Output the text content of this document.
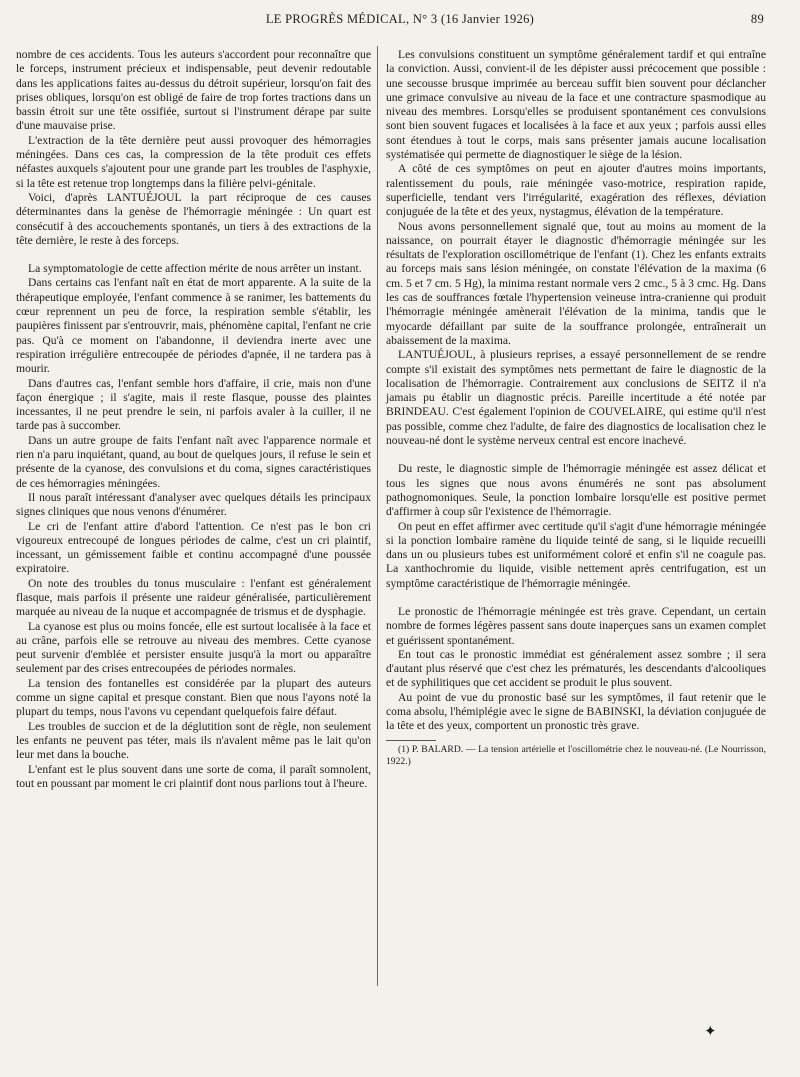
LE PROGRÈS MÉDICAL, N° 3 (16 Janvier 1926)	89

nombre de ces accidents. Tous les auteurs s'accordent pour reconnaître que le forceps, instrument précieux et indispensable, peut devenir redoutable dans les applications faites au-dessus du détroit supérieur, lorsqu'on fait des prises obliques, lorsqu'on est obligé de faire de trop fortes tractions dans un bassin étroit sur une tête ossifiée, surtout si l'instrument dérape par suite d'une mauvaise prise.

L'extraction de la tête dernière peut aussi provoquer des hémorragies méningées. Dans ces cas, la compression de la tête produit ces effets néfastes auxquels s'ajoutent pour une grande part les troubles de l'asphyxie, si la tête est retenue trop longtemps dans la filière pelvi-génitale.

Voici, d'après LANTUÉJOUL la part réciproque de ces causes déterminantes dans la genèse de l'hémorragie méningée : Un quart est consécutif à des accouchements spontanés, un tiers à des extractions de la tête dernière, le reste à des forceps.

La symptomatologie de cette affection mérite de nous arrêter un instant.

Dans certains cas l'enfant naît en état de mort apparente. A la suite de la thérapeutique employée, l'enfant commence à se ranimer, les battements du cœur reprennent un peu de force, la respiration semble s'établir, les paupières finissent par s'entrouvrir, mais, phénomène capital, l'enfant ne crie pas. Qu'à ce moment on l'abandonne, il deviendra inerte avec une respiration irrégulière entrecoupée de périodes d'apnée, il ne tardera pas à mourir.

Dans d'autres cas, l'enfant semble hors d'affaire, il crie, mais non d'une façon énergique ; il s'agite, mais il reste flasque, pousse des plaintes incessantes, il ne peut prendre le sein, ni parfois avaler à la cuiller, il ne tarde pas à succomber.

Dans un autre groupe de faits l'enfant naît avec l'apparence normale et rien n'a paru inquiétant, quand, au bout de quelques jours, il refuse le sein et présente de la cyanose, des convulsions et du coma, signes caractéristiques de ces hémorragies méningées.

Il nous paraît intéressant d'analyser avec quelques détails les principaux signes cliniques que nous venons d'énumérer.

Le cri de l'enfant attire d'abord l'attention. Ce n'est pas le bon cri vigoureux entrecoupé de longues périodes de calme, c'est un cri plaintif, incessant, un gémissement faible et continu accompagné d'une poussée expiratoire.

On note des troubles du tonus musculaire : l'enfant est généralement flasque, mais parfois il présente une raideur généralisée, particulièrement marquée au niveau de la nuque et accompagnée de trismus et de dysphagie.

La cyanose est plus ou moins foncée, elle est surtout localisée à la face et au crâne, parfois elle se retrouve au niveau des membres. Cette cyanose peut survenir d'emblée et persister ensuite jusqu'à la mort ou apparaître seulement par des crises entrecoupées de périodes normales.

La tension des fontanelles est considérée par la plupart des auteurs comme un signe capital et presque constant. Bien que nous l'ayons noté la plupart du temps, nous l'avons vu cependant quelquefois faire défaut.

Les troubles de succion et de la déglutition sont de règle, non seulement les enfants ne peuvent pas téter, mais ils n'avalent même pas le lait qu'on leur met dans la bouche.

L'enfant est le plus souvent dans une sorte de coma, il paraît somnolent, tout en poussant par moment le cri plaintif dont nous parlions tout à l'heure.

Les convulsions constituent un symptôme généralement tardif et qui entraîne la conviction. Aussi, convient-il de les dépister aussi précocement que possible : une secousse brusque imprimée au berceau suffit bien souvent pour déclancher une grimace convulsive au niveau de la face et une contracture spasmodique au niveau des membres. Lorsqu'elles se produisent spontanément ces convulsions sont bien souvent fugaces et localisées à la face et aux yeux ; parfois aussi elles sont étendues à tout le corps, mais sans présenter jamais aucune localisation systématisée qui permette de diagnostiquer le siège de la lésion.

A côté de ces symptômes on peut en ajouter d'autres moins importants, ralentissement du pouls, raie méningée vaso-motrice, respiration rapide, superficielle, tendant vers l'irrégularité, exagération des réflexes, déviation conjuguée de la tête et des yeux, nystagmus, élévation de la température.

Nous avons personnellement signalé que, tout au moins au moment de la naissance, on pourrait étayer le diagnostic d'hémorragie méningée sur les résultats de l'exploration oscillométrique de l'enfant (1). Chez les enfants extraits au forceps mais sans lésion méningée, on constate l'élévation de la maxima (6 cm. 5 et 7 cm. 5 Hg), la minima restant normale vers 2 cmc., 5 à 3 cmc. Hg. Dans les cas de souffrances fœtale l'hypertension veineuse intra-cranienne qui produit l'hémorragie méningée amènerait l'élévation de la minima, tandis que le myocarde défaillant par suite de la souffrance prolongée, entraînerait un abaissement de la maxima.

LANTUÉJOUL, à plusieurs reprises, a essayé personnellement de se rendre compte s'il existait des symptômes nets permettant de faire le diagnostic de la localisation de l'hémorragie. Contrairement aux conclusions de SEITZ il n'a jamais pu établir un diagnostic précis. Pareille incertitude a été notée par BRINDEAU. C'est également l'opinion de COUVELAIRE, qui estime qu'il n'est pas possible, comme chez l'adulte, de faire des diagnostics de localisation chez le nouveau-né dont le système nerveux central est encore inachevé.

Du reste, le diagnostic simple de l'hémorragie méningée est assez délicat et tous les signes que nous avons énumérés ne sont pas absolument pathognomoniques. Seule, la ponction lombaire lorsqu'elle est positive permet d'affirmer à coup sûr l'existence de l'hémorragie.

On peut en effet affirmer avec certitude qu'il s'agit d'une hémorragie méningée si la ponction lombaire ramène du liquide teinté de sang, si le liquide recueilli dans un ou plusieurs tubes est uniformément coloré et enfin s'il ne coagule pas. La xanthochromie du liquide, visible nettement après centrifugation, est un symptôme caractéristique de l'hémorragie méningée.

Le pronostic de l'hémorragie méningée est très grave. Cependant, un certain nombre de formes légères passent sans doute inaperçues sans un examen complet et guérissent spontanément.

En tout cas le pronostic immédiat est généralement assez sombre ; il sera d'autant plus réservé que c'est chez les prématurés, les descendants d'alcooliques et de syphilitiques que cet accident se produit le plus souvent.

Au point de vue du pronostic basé sur les symptômes, il faut retenir que le coma absolu, l'hémiplégie avec le signe de BABINSKI, la déviation conjuguée de la tête et des yeux, comportent un pronostic très grave.

(1) P. BALARD. — La tension artérielle et l'oscillométrie chez le nouveau-né. (Le Nourrisson, 1922.)

✦
